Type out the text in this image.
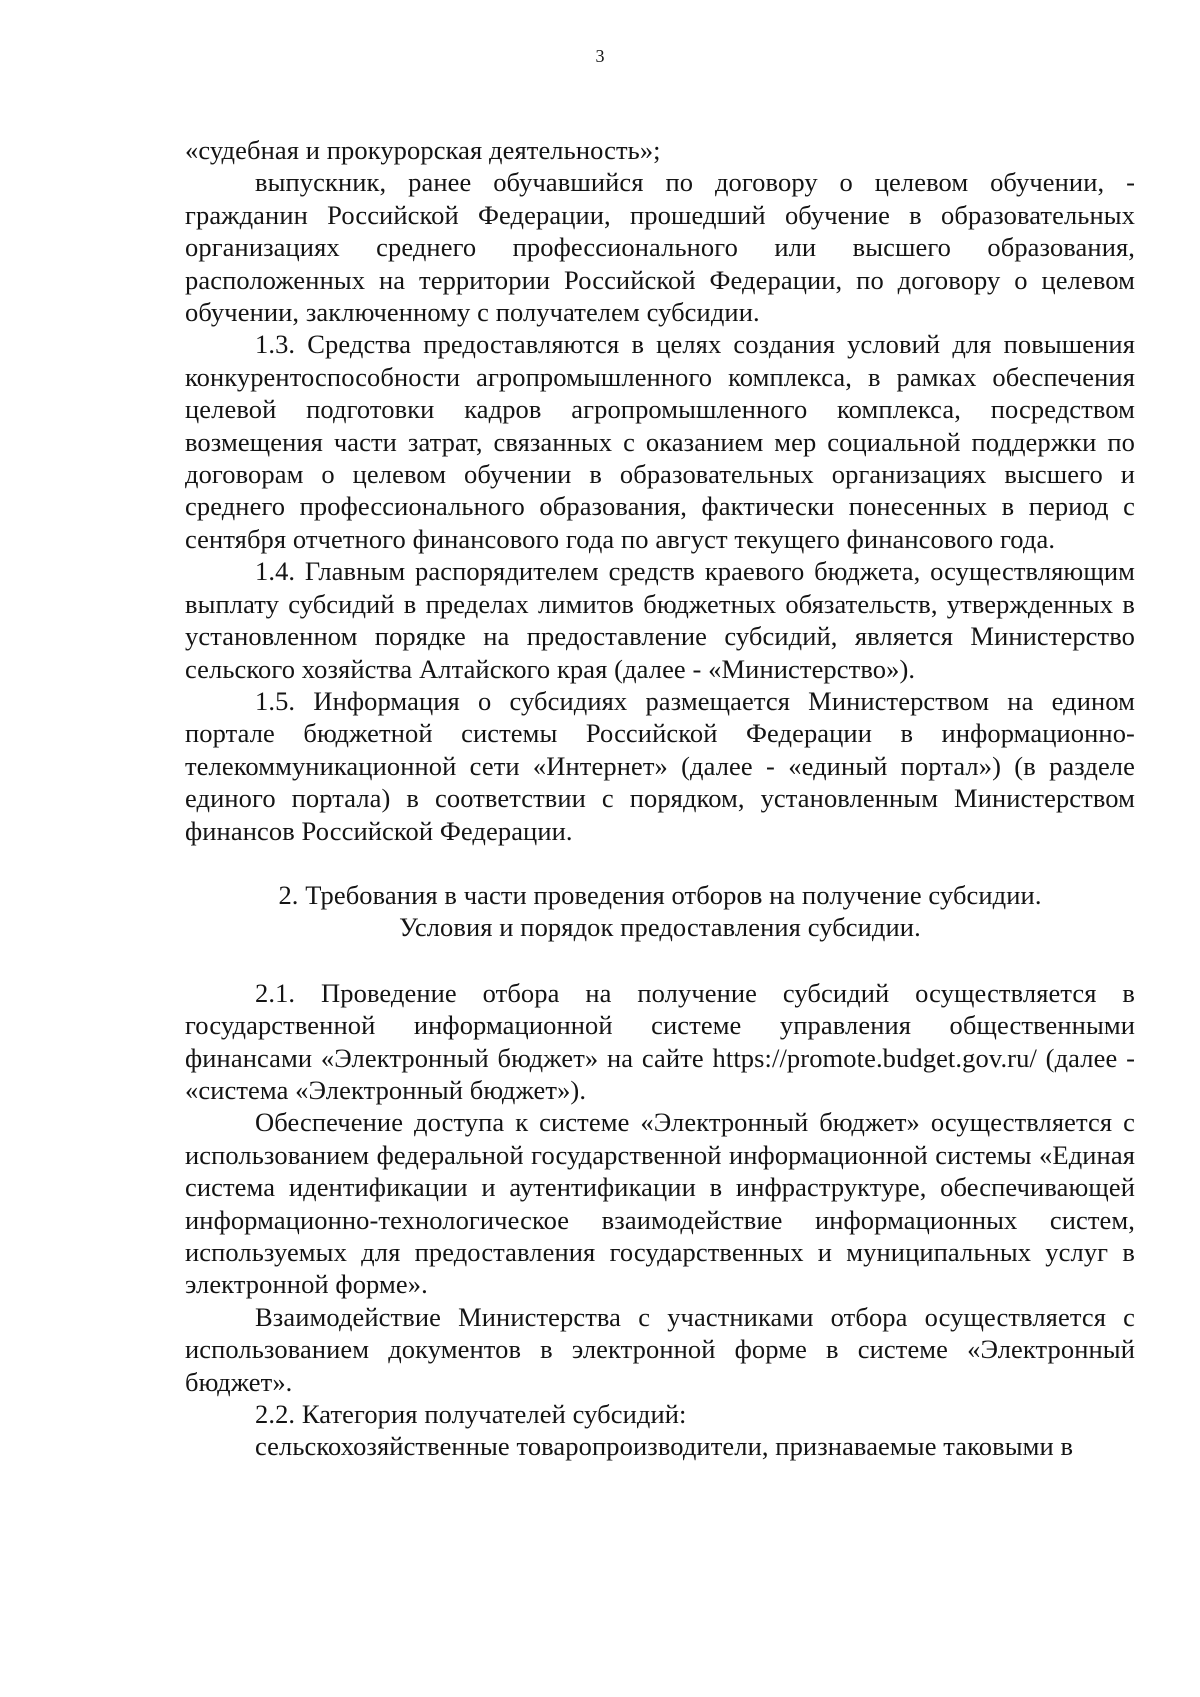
3

«судебная и прокурорская деятельность»;

выпускник, ранее обучавшийся по договору о целевом обучении, - гражданин Российской Федерации, прошедший обучение в образовательных организациях среднего профессионального или высшего образования, расположенных на территории Российской Федерации, по договору о целевом обучении, заключенному с получателем субсидии.

1.3. Средства предоставляются в целях создания условий для повышения конкурентоспособности агропромышленного комплекса, в рамках обеспечения целевой подготовки кадров агропромышленного комплекса, посредством возмещения части затрат, связанных с оказанием мер социальной поддержки по договорам о целевом обучении в образовательных организациях высшего и среднего профессионального образования, фактически понесенных в период с сентября отчетного финансового года по август текущего финансового года.

1.4. Главным распорядителем средств краевого бюджета, осуществляющим выплату субсидий в пределах лимитов бюджетных обязательств, утвержденных в установленном порядке на предоставление субсидий, является Министерство сельского хозяйства Алтайского края (далее - «Министерство»).

1.5. Информация о субсидиях размещается Министерством на едином портале бюджетной системы Российской Федерации в информационно-телекоммуникационной сети «Интернет» (далее - «единый портал») (в разделе единого портала) в соответствии с порядком, установленным Министерством финансов Российской Федерации.

2. Требования в части проведения отборов на получение субсидии.
Условия и порядок предоставления субсидии.

2.1. Проведение отбора на получение субсидий осуществляется в государственной информационной системе управления общественными финансами «Электронный бюджет» на сайте https://promote.budget.gov.ru/ (далее - «система «Электронный бюджет»).

Обеспечение доступа к системе «Электронный бюджет» осуществляется с использованием федеральной государственной информационной системы «Единая система идентификации и аутентификации в инфраструктуре, обеспечивающей информационно-технологическое взаимодействие информационных систем, используемых для предоставления государственных и муниципальных услуг в электронной форме».

Взаимодействие Министерства с участниками отбора осуществляется с использованием документов в электронной форме в системе «Электронный бюджет».

2.2. Категория получателей субсидий:

сельскохозяйственные товаропроизводители, признаваемые таковыми в
